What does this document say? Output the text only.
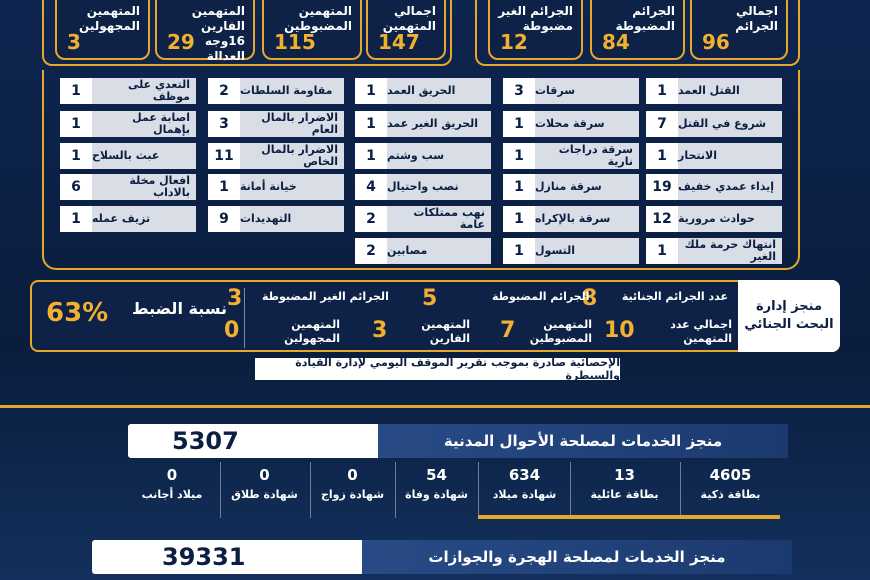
المتهمين المجهولين
3
المتهمين الفارين 16وجه العدالة
29
المتهمين المضبوطين
115
اجمالي المتهمين
147
الجرائم الغير مضبوطة
12
الجرائم المضبوطة
84
اجمالي الجرائم
96
1	القتل العمد
7	شروع في القتل
1	الانتحار
19 إيذاء عمدي خفيف
12 حوادث مرورية
1	انتهاك حرمة ملك الغير
3	سرقات
1	سرقة محلات
1	سرقة دراجات نارية
1	سرقة منازل
1	سرقة بالإكراه
1	التسول
1	الحريق العمد
1	الحريق الغير عمد
1	سب وشتم
4	نصب واحتيال
2	نهب ممتلكات عامة
2	مصابين
2	مقاومة السلطات
3	الاضرار بالمال العام
11	الاضرار بالمال الخاص
1	خيانة أمانة
9	التهديدات
1	التعدي على موظف
1	اصابة عمل بإهمال
1	عبث بالسلاح
6	افعال مخلة بالاداب
1	تزيف عمله
منجز إدارة البحث الجنائي
عدد الجرائم الجنائية
8
الجرائم المضبوطة
5
الجرائم الغير المضبوطة
3
اجمالي عدد المتهمين
10
المتهمين المضبوطين
7
المتهمين الفارين
3
المتهمين المجهولين
0
نسبة الضبط
63%
الإحصائية صادرة بموجب تقرير الموقف اليومي لإدارة القيادة والسيطرة
5307	منجز الخدمات لمصلحة الأحوال المدنية
4605
بطاقة ذكية
13
بطاقة عائلية
634
شهادة ميلاد
54
شهادة وفاة
0
شهادة زواج
0
شهادة طلاق
0
ميلاد أجانب
39331	منجز الخدمات لمصلحة الهجرة والجوازات
